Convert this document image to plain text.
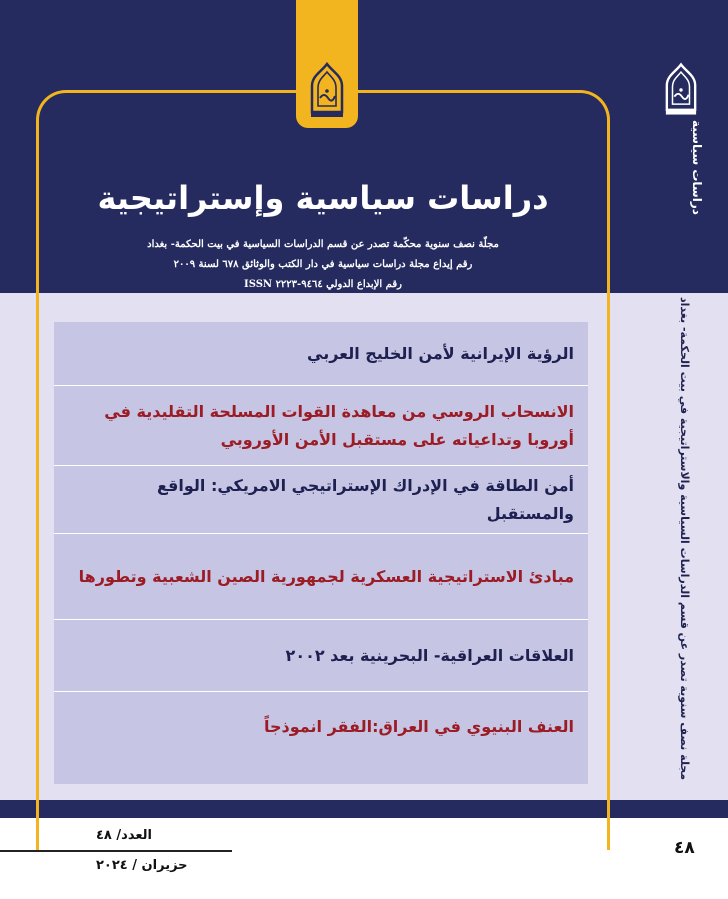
دراسات سياسية وإستراتيجية
مجلّة نصف سنوية محكّمة تصدر عن قسم الدراسات السياسية في بيت الحكمة- بغداد
رقم إيداع مجلة دراسات سياسية في دار الكتب والوثائق ٦٧٨ لسنة ٢٠٠٩
رقم الإبداع الدولي ٩٤٦٤-٢٢٢٣ ISSN
دراسات سياسية
مجلة نصف سنوية تصدر عن قسم الدراسات السياسية والاستراتيجية في بيت الحكمة- بغداد
الرؤية الإيرانية لأمن الخليج العربي
الانسحاب الروسي من معاهدة القوات المسلحة التقليدية في أوروبا وتداعياته على مستقبل الأمن الأوروبي
أمن الطاقة في الإدراك الإستراتيجي الامريكي: الواقع والمستقبل
مبادئ الاستراتيجية العسكرية لجمهورية الصين الشعبية وتطورها
العلاقات العراقية- البحرينية بعد ٢٠٠٢
العنف البنيوي في العراق:الفقر انموذجاً
العدد/ ٤٨
حزيران / ٢٠٢٤
٤٨
